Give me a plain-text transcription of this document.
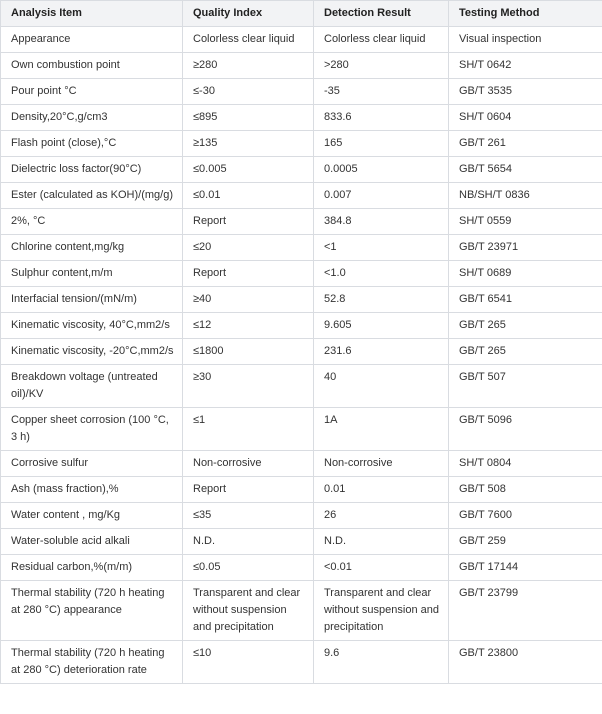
Analysis Item	Quality Index	Detection Result	Testing Method
Appearance	Colorless clear liquid	Colorless clear liquid	Visual inspection
Own combustion point	≥280	>280	SH/T 0642
Pour point °C	≤-30	-35	GB/T 3535
Density,20°C,g/cm3	≤895	833.6	SH/T 0604
Flash point (close),°C	≥135	165	GB/T 261
Dielectric loss factor(90°C)	≤0.005	0.0005	GB/T 5654
Ester (calculated as KOH)/(mg/g)	≤0.01	0.007	NB/SH/T 0836
2%, °C	Report	384.8	SH/T 0559
Chlorine content,mg/kg	≤20	<1	GB/T 23971
Sulphur content,m/m	Report	<1.0	SH/T 0689
Interfacial tension/(mN/m)	≥40	52.8	GB/T 6541
Kinematic viscosity, 40°C,mm2/s	≤12	9.605	GB/T 265
Kinematic viscosity, -20°C,mm2/s	≤1800	231.6	GB/T 265
Breakdown voltage (untreated oil)/KV	≥30	40	GB/T 507
Copper sheet corrosion (100 °C, 3 h)	≤1	1A	GB/T 5096
Corrosive sulfur	Non-corrosive	Non-corrosive	SH/T 0804
Ash (mass fraction),%	Report	0.01	GB/T 508
Water content , mg/Kg	≤35	26	GB/T 7600
Water-soluble acid alkali	N.D.	N.D.	GB/T 259
Residual carbon,%(m/m)	≤0.05	<0.01	GB/T 17144
Thermal stability (720 h heating at 280 °C) appearance	Transparent and clear without suspension and precipitation	Transparent and clear without suspension and precipitation	GB/T 23799
Thermal stability (720 h heating at 280 °C) deterioration rate	≤10	9.6	GB/T 23800
